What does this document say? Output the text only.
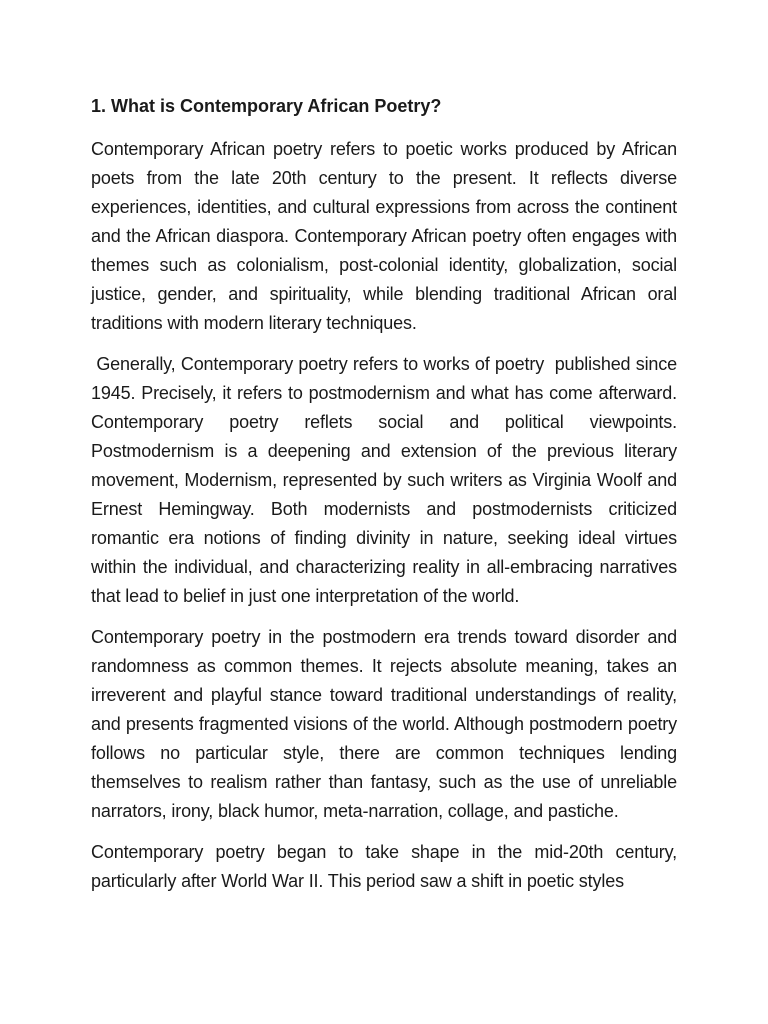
1. What is Contemporary African Poetry?

Contemporary African poetry refers to poetic works produced by African poets from the late 20th century to the present. It reflects diverse experiences, identities, and cultural expressions from across the continent and the African diaspora. Contemporary African poetry often engages with themes such as colonialism, post-colonial identity, globalization, social justice, gender, and spirituality, while blending traditional African oral traditions with modern literary techniques.

Generally, Contemporary poetry refers to works of poetry  published since 1945. Precisely, it refers to postmodernism and what has come afterward. Contemporary poetry reflets social and political viewpoints. Postmodernism is a deepening and extension of the previous literary movement, Modernism, represented by such writers as Virginia Woolf and Ernest Hemingway. Both modernists and postmodernists criticized romantic era notions of finding divinity in nature, seeking ideal virtues within the individual, and characterizing reality in all-embracing narratives that lead to belief in just one interpretation of the world.

Contemporary poetry in the postmodern era trends toward disorder and randomness as common themes. It rejects absolute meaning, takes an irreverent and playful stance toward traditional understandings of reality, and presents fragmented visions of the world. Although postmodern poetry follows no particular style, there are common techniques lending themselves to realism rather than fantasy, such as the use of unreliable narrators, irony, black humor, meta-narration, collage, and pastiche.

Contemporary poetry began to take shape in the mid-20th century, particularly after World War II. This period saw a shift in poetic styles
